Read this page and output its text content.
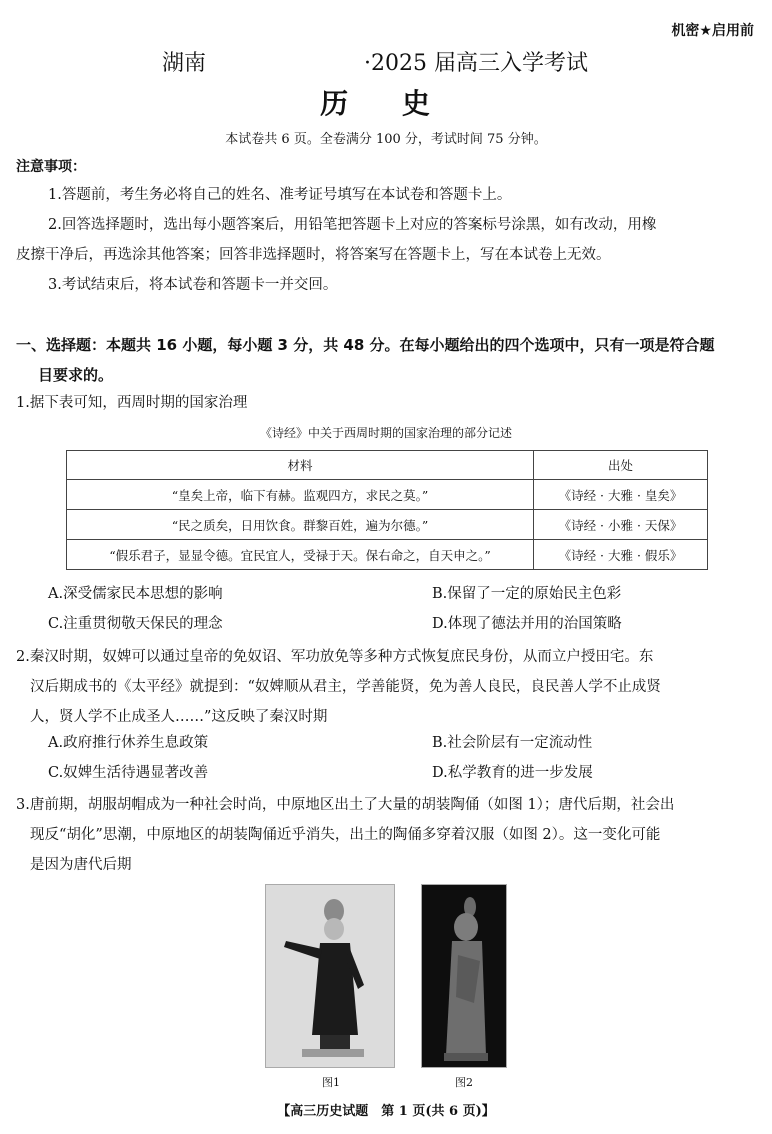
机密★启用前
湖南	·2025 届高三入学考试
历 史
本试卷共 6 页。全卷满分 100 分，考试时间 75 分钟。
注意事项：
1.答题前，考生务必将自己的姓名、准考证号填写在本试卷和答题卡上。
2.回答选择题时，选出每小题答案后，用铅笔把答题卡上对应的答案标号涂黑，如有改动，用橡
皮擦干净后，再选涂其他答案；回答非选择题时，将答案写在答题卡上，写在本试卷上无效。
3.考试结束后，将本试卷和答题卡一并交回。
一、选择题：本题共 16 小题，每小题 3 分，共 48 分。在每小题给出的四个选项中，只有一项是符合题
目要求的。
1.据下表可知，西周时期的国家治理
《诗经》中关于西周时期的国家治理的部分记述
材料	出处
“皇矣上帝，临下有赫。监观四方，求民之莫。”	《诗经 · 大雅 · 皇矣》
“民之质矣，日用饮食。群黎百姓，遍为尔德。”	《诗经 · 小雅 · 天保》
“假乐君子，显显令德。宜民宜人，受禄于天。保右命之，自天申之。”	《诗经 · 大雅 · 假乐》
A.深受儒家民本思想的影响	B.保留了一定的原始民主色彩
C.注重贯彻敬天保民的理念	D.体现了德法并用的治国策略
2.秦汉时期，奴婢可以通过皇帝的免奴诏、军功放免等多种方式恢复庶民身份，从而立户授田宅。东
汉后期成书的《太平经》就提到：“奴婢顺从君主，学善能贤，免为善人良民，良民善人学不止成贤
人，贤人学不止成圣人……”这反映了秦汉时期
A.政府推行休养生息政策	B.社会阶层有一定流动性
C.奴婢生活待遇显著改善	D.私学教育的进一步发展
3.唐前期，胡服胡帽成为一种社会时尚，中原地区出土了大量的胡装陶俑（如图 1）；唐代后期，社会出
现反“胡化”思潮，中原地区的胡装陶俑近乎消失，出土的陶俑多穿着汉服（如图 2）。这一变化可能
是因为唐代后期
图1	图2
【高三历史试题　第 1 页(共 6 页)】
